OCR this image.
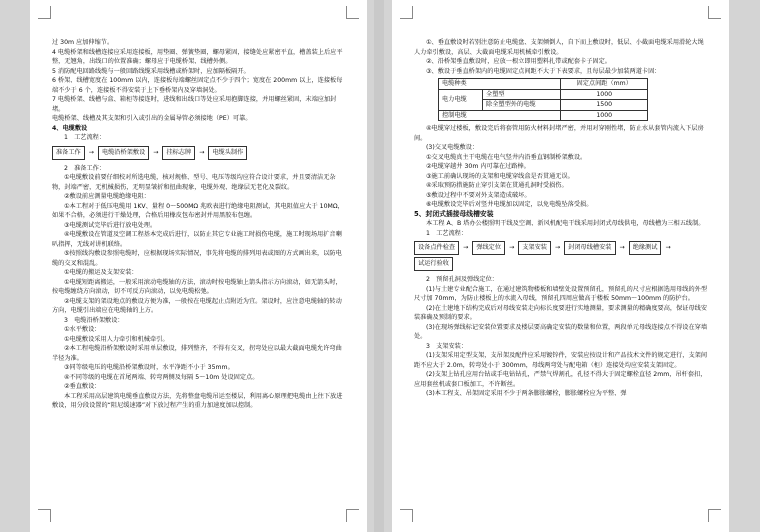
过 30m 应加伸缩节。

4 电缆桥架和线槽连接应采用连接板，用垫圈、弹簧垫圈，螺母紧固，接缝处应紧密平直，槽盖装上后应平整，无翘角，出线口的位置准确；螺母应于电缆桥架、线槽外侧。

5 消防配电回路线缆与一般回路线缆采用线槽或桥架时，应加隔板隔开。

6 桥架、线槽宽度在 100mm 以内，连接板每端螺丝固定点不少于四个；宽度在 200mm 以上，连接板每端不少于 6 个，连接板不得安装于上下垂桥架内及穿墙洞处。

7 电缆桥架、线槽与盒、箱柜等接连时，进线和出线口等处应采用抱脚连接，并用螺丝紧固，末端应加封堵。

电缆桥架、线槽及其支架和引入或引出的金属导管必须接地（PE）可靠。

4、电缆敷设

1　工艺流程：

准备工作	→	电缆沿桥架敷设	→	挂标志牌	→	电缆头制作

2　准备工作：

①电缆敷设前要仔细校对所选电缆，核对规格、型号、电压等级均应符合设计要求，并且要清洁无杂物，封端严密，无机械损伤，无明显皱折和扭曲现象，电缆外观、绝缘层无老化及裂纹。

②敷设前应测量电缆绝缘电阻：

①本工程对于低压电缆用 1KV、量程 0～500MΩ 兆欧表进行绝缘电阻测试，其电阻值应大于 10MΩ，如果不合格，必须进行干燥处理，合格后用橡皮包布密封并用黑胶布包缠。

③电缆测试完毕后进行放电处理。

④电缆敷设在管道及空调工程基本完成后进行，以防止其它专业施工时损伤电缆，施工时现场用扩音喇叭指挥，无线对讲机联络。

⑤按照线沟敷设参照电缆时，应根据现场实际情况，事先将电缆的排列用表或图的方式画出来，以防电缆的交叉和混乱。

①电缆的搬运及支架安装：

①电缆短距离搬运，一般采用滚动电缆轴的方法，滚动时按电缆轴上箭头指示方向滚动，如无箭头时，按电缆缠绕方向滚动，切不可反方向滚动，以免电缆松弛。

②电缆支架的架设地点的敷设方便为准，一般按在电缆起止点附近为宜。架设时，应注意电缆轴的转动方向，电缆引出端应在电缆轴的上方。

3　电缆沿桥架敷设：

①水平敷设：

①电缆敷设采用人力牵引和机械牵引。

②本工程电缆沿桥架敷设时采用单层敷设，排列整齐，不得有交叉，拐弯处应以最大截面电缆允许弯曲半径为准。

③同等级电压的电缆沿桥架敷设时，水平净距不小于 35mm。

④不同等级的电缆在首尾两端、转弯两侧及每隔 5～10m 处设固定点。

②垂直敷设：

本工程采用高层建筑电缆垂直敷设方法，先将整盘电缆吊运至楼层，利用离心原理把电缆由上往下放进敷设，用分段设置的“阻尼缓速器”对下放过程产生的重力加速度加以控制。

①、垂直敷设时若别注意防止电缆盘、支架倾倒人，自下而上敷设时，低层、小截面电缆采用滑轮大绳人力牵引敷设，高层、大截面电缆采用机械牵引敷设。

②、沿桥架垂直敷设时，应放一根立即用塑料扎带或配套卡子固定。

③、敷设于垂直桥架内的电缆固定点间距不大于下表要求，且每层最少加装两道卡固：

电缆种类		固定点间距（mm）
电力电缆	全塑型	1000
	除全塑型外的电缆	1500
控制电缆		1000

④电缆穿过楼板，敷设完后将套管用防火材料封堵严密，并用对穿刚性堵，防止水从套管内流入下层房间。

(3)交叉电缆敷设：

①交叉电缆真主干电缆在电气竖井内沿垂直钢制桥架敷设。

②电缆穿越井 30m 内可靠在过路棒。

③施工前确认现场的支架和电缆穿线盒是否贯通无误。

④采取预防措施防止穿引支架在贯通孔洞时受损伤。

⑤敷设过程中不要对外支架造成破坏。

⑥电缆敷设完毕后对竖井电缆加以固定，以免电缆坠落受损。

5、封闭式插接母线槽安装

本工程 A、B 塔办公楼照明干线及空调、新风机配电干线采用封闭式母线供电，母线槽为三相五线制。

1　工艺流程：

设备点件检查	→	弹线定位	→	支架安装	→	封闭母线槽安装	→	绝缘测试	→
试运行验收

2　预留孔洞及弹线定位：

(1)与土建专业配合施工，在通过建筑物楼板和墙壁处设置预留孔，预留孔的尺寸应根据选用母线的外型尺寸加 70mm，为防止楼板上的水流入母线，预留孔四周应做高于楼板 50mm～100mm 的防护台。

(2)在土建地下结构完成后对母线安装走向标长度要进行实地测量，要求测量的精确度要高，保证母线安装准确及预制的要求。

(3)在现场弹线标记安装位置要求及楼层要高确定安装的数量和位置，两段单元母线连接点不得设在穿墙处。

3　支架安装：

(1)支架采用定型支架，支吊架及配件应采用镀锌件，安装应按设计和产品技术文件的规定进行，支架间距不应大于 2.0m，转弯处小于 300mm，母线两弯处与配电箱（柜）连接处均应安装支架固定。

(2)支架上钻孔应用台钻或手电钻钻孔，严禁气焊割孔，孔径不得大于固定螺栓直径 2mm，吊杆套扣，应用套丝机或套口板加工，不许断丝。

(3)本工程支、吊架固定采用不少于两条膨胀螺栓，膨胀螺栓应为平整、弹
